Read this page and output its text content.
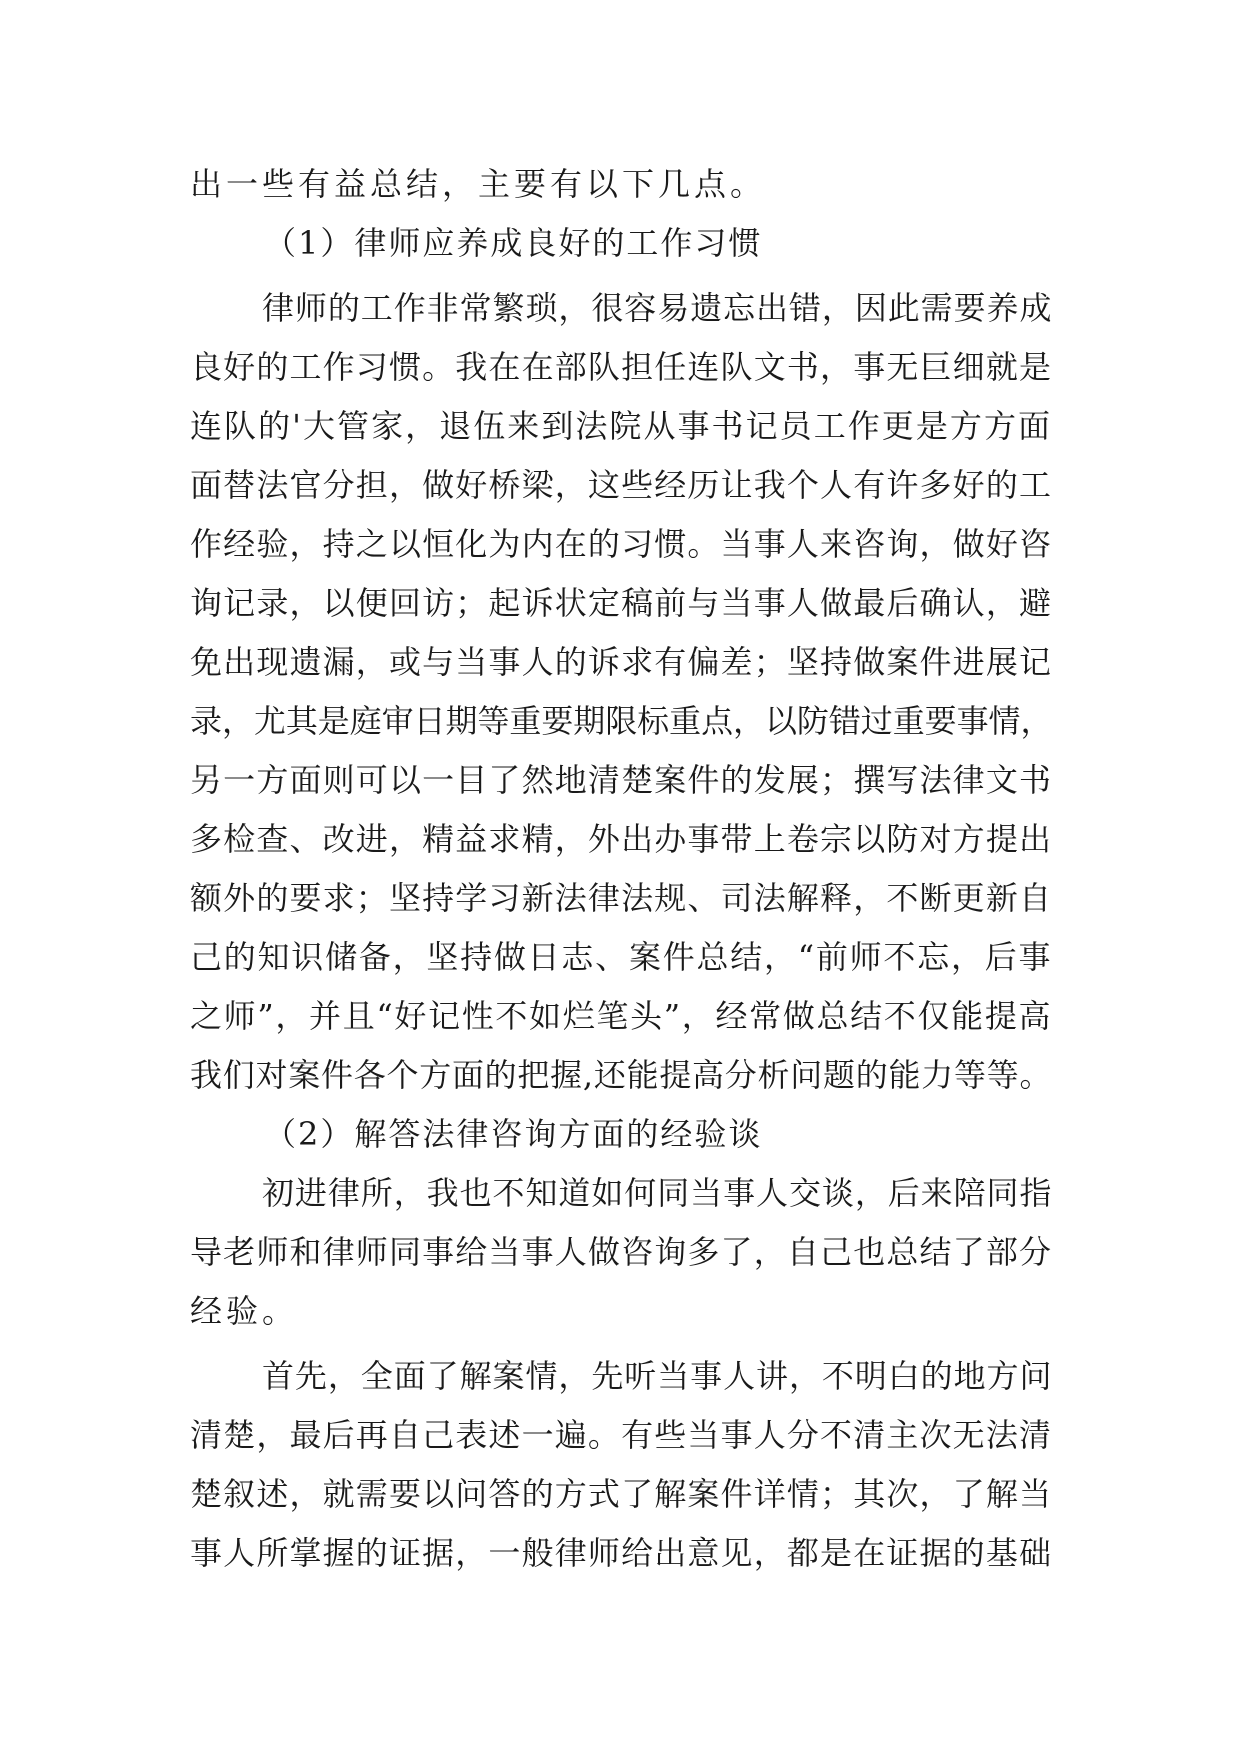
出一些有益总结，主要有以下几点。
（1）律师应养成良好的工作习惯
律师的工作非常繁琐，很容易遗忘出错，因此需要养成
良好的工作习惯。我在在部队担任连队文书，事无巨细就是
连队的'大管家，退伍来到法院从事书记员工作更是方方面
面替法官分担，做好桥梁，这些经历让我个人有许多好的工
作经验，持之以恒化为内在的习惯。当事人来咨询，做好咨
询记录，以便回访；起诉状定稿前与当事人做最后确认，避
免出现遗漏，或与当事人的诉求有偏差；坚持做案件进展记
录，尤其是庭审日期等重要期限标重点，以防错过重要事情，
另一方面则可以一目了然地清楚案件的发展；撰写法律文书
多检查、改进，精益求精，外出办事带上卷宗以防对方提出
额外的要求；坚持学习新法律法规、司法解释，不断更新自
己的知识储备，坚持做日志、案件总结，“前师不忘，后事
之师”，并且“好记性不如烂笔头”，经常做总结不仅能提高
我们对案件各个方面的把握,还能提高分析问题的能力等等。
（2）解答法律咨询方面的经验谈
初进律所，我也不知道如何同当事人交谈，后来陪同指
导老师和律师同事给当事人做咨询多了，自己也总结了部分
经验。
首先，全面了解案情，先听当事人讲，不明白的地方问
清楚，最后再自己表述一遍。有些当事人分不清主次无法清
楚叙述，就需要以问答的方式了解案件详情；其次，了解当
事人所掌握的证据，一般律师给出意见，都是在证据的基础
